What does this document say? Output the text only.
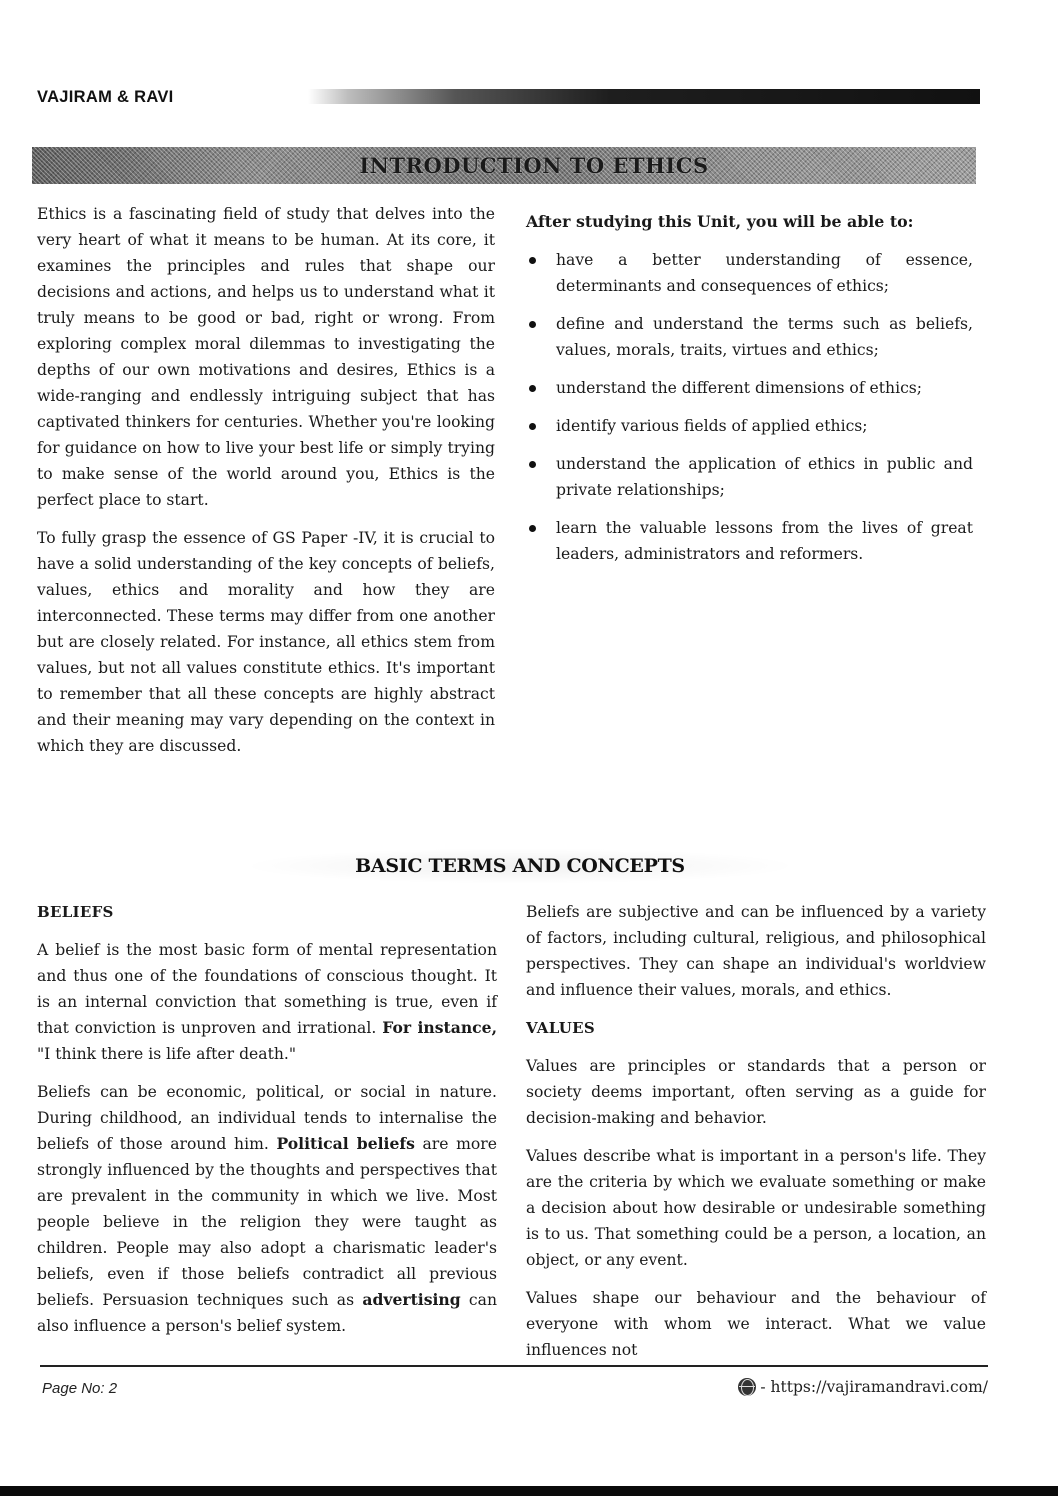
VAJIRAM & RAVI
INTRODUCTION TO ETHICS

Ethics is a fascinating field of study that delves into the very heart of what it means to be human. At its core, it examines the principles and rules that shape our decisions and actions, and helps us to understand what it truly means to be good or bad, right or wrong. From exploring complex moral dilemmas to investigating the depths of our own motivations and desires, Ethics is a wide-ranging and endlessly intriguing subject that has captivated thinkers for centuries. Whether you're looking for guidance on how to live your best life or simply trying to make sense of the world around you, Ethics is the perfect place to start.

To fully grasp the essence of GS Paper -IV, it is crucial to have a solid understanding of the key concepts of beliefs, values, ethics and morality and how they are interconnected. These terms may differ from one another but are closely related. For instance, all ethics stem from values, but not all values constitute ethics. It's important to remember that all these concepts are highly abstract and their meaning may vary depending on the context in which they are discussed.

After studying this Unit, you will be able to:

have a better understanding of essence, determinants and consequences of ethics;
define and understand the terms such as beliefs, values, morals, traits, virtues and ethics;
understand the different dimensions of ethics;
identify various fields of applied ethics;
understand the application of ethics in public and private relationships;
learn the valuable lessons from the lives of great leaders, administrators and reformers.
BASIC TERMS AND CONCEPTS

BELIEFS

A belief is the most basic form of mental representation and thus one of the foundations of conscious thought. It is an internal conviction that something is true, even if that conviction is unproven and irrational. For instance, "I think there is life after death."

Beliefs can be economic, political, or social in nature. During childhood, an individual tends to internalise the beliefs of those around him. Political beliefs are more strongly influenced by the thoughts and perspectives that are prevalent in the community in which we live. Most people believe in the religion they were taught as children. People may also adopt a charismatic leader's beliefs, even if those beliefs contradict all previous beliefs. Persuasion techniques such as advertising can also influence a person's belief system.

Beliefs are subjective and can be influenced by a variety of factors, including cultural, religious, and philosophical perspectives. They can shape an individual's worldview and influence their values, morals, and ethics.

VALUES

Values are principles or standards that a person or society deems important, often serving as a guide for decision-making and behavior.

Values describe what is important in a person's life. They are the criteria by which we evaluate something or make a decision about how desirable or undesirable something is to us. That something could be a person, a location, an object, or any event.

Values shape our behaviour and the behaviour of everyone with whom we interact. What we value influences not

Page No: 2	- https://vajiramandravi.com/
